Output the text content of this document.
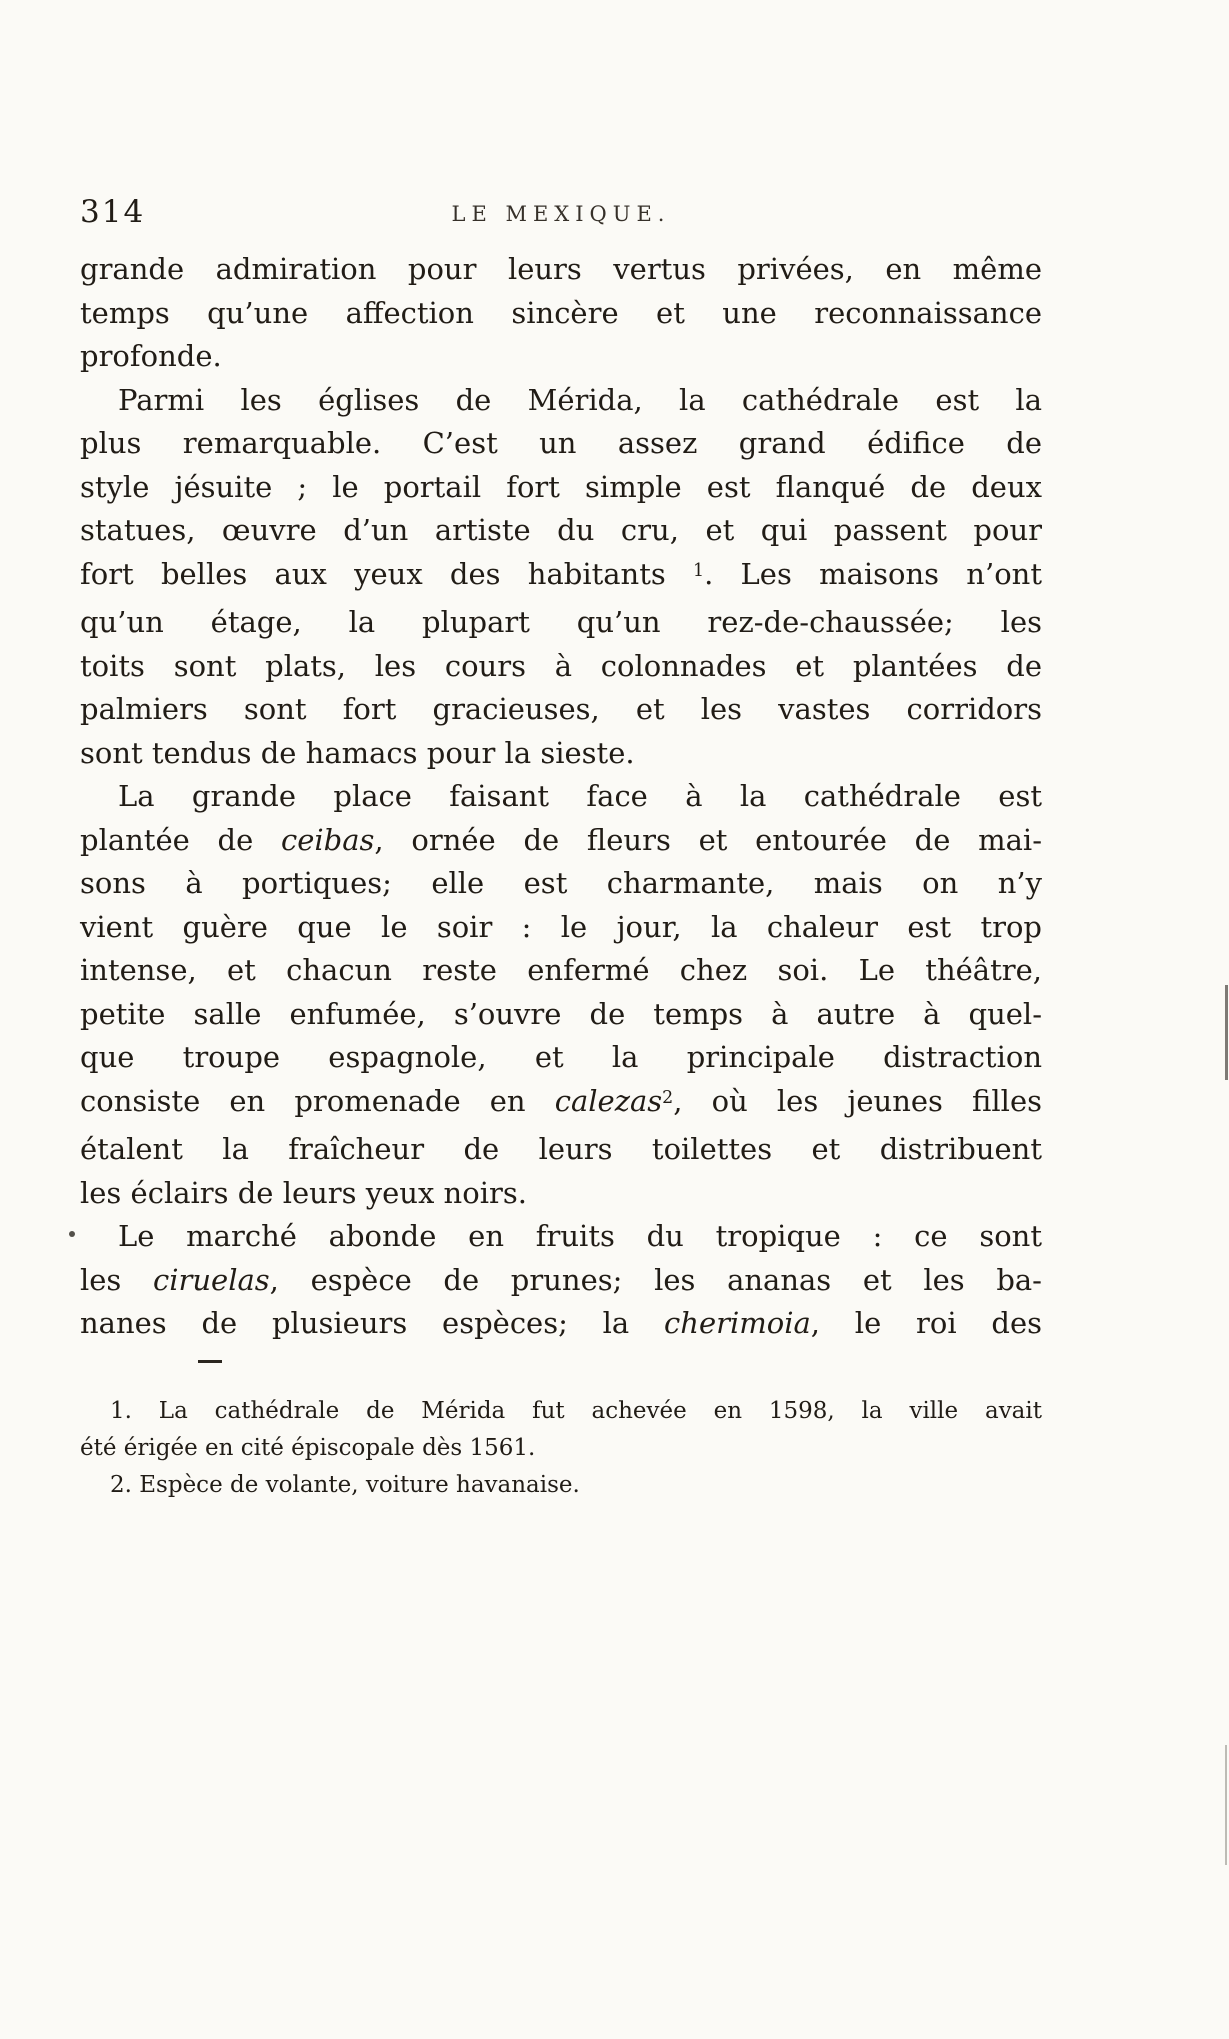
314	LE MEXIQUE.
grande admiration pour leurs vertus privées, en même
temps qu’une affection sincère et une reconnaissance
profonde.
Parmi les églises de Mérida, la cathédrale est la
plus remarquable. C’est un assez grand édifice de
style jésuite ; le portail fort simple est flanqué de deux
statues, œuvre d’un artiste du cru, et qui passent pour
fort belles aux yeux des habitants $^1$. Les maisons n’ont
qu’un étage, la plupart qu’un rez-de-chaussée; les
toits sont plats, les cours à colonnades et plantées de
palmiers sont fort gracieuses, et les vastes corridors
sont tendus de hamacs pour la sieste.
La grande place faisant face à la cathédrale est
plantée de ceibas, ornée de fleurs et entourée de mai-
sons à portiques; elle est charmante, mais on n’y
vient guère que le soir : le jour, la chaleur est trop
intense, et chacun reste enfermé chez soi. Le théâtre,
petite salle enfumée, s’ouvre de temps à autre à quel-
que troupe espagnole, et la principale distraction
consiste en promenade en calezas$^2$, où les jeunes filles
étalent la fraîcheur de leurs toilettes et distribuent
les éclairs de leurs yeux noirs.
Le marché abonde en fruits du tropique : ce sont
les ciruelas, espèce de prunes; les ananas et les ba-
nanes de plusieurs espèces; la cherimoia, le roi des
1. La cathédrale de Mérida fut achevée en 1598, la ville avait
été érigée en cité épiscopale dès 1561.
2. Espèce de volante, voiture havanaise.
